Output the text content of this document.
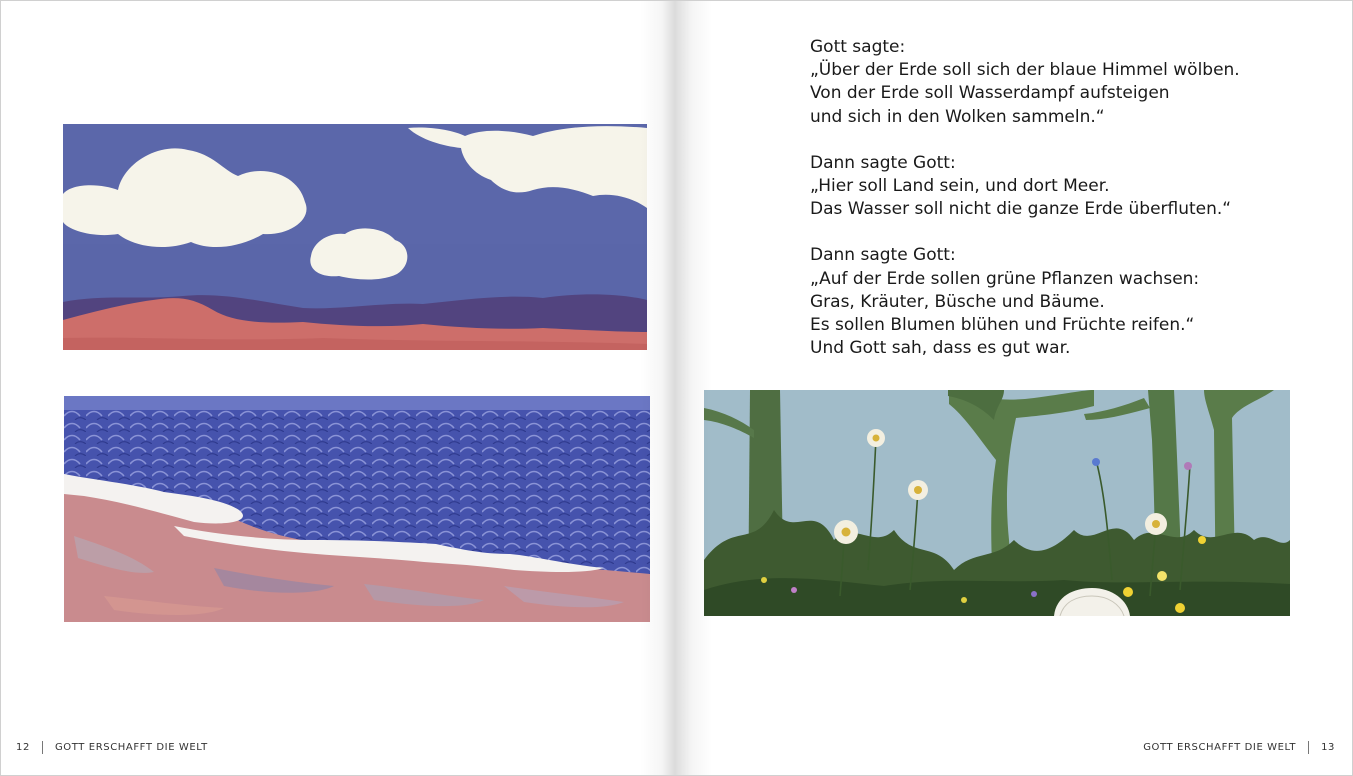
12	GOTT ERSCHAFFT DIE WELT	GOTT ERSCHAFFT DIE WELT	13

Gott sagte:
„Über der Erde soll sich der blaue Himmel wölben.
Von der Erde soll Wasserdampf aufsteigen
und sich in den Wolken sammeln.“

Dann sagte Gott:
„Hier soll Land sein, und dort Meer.
Das Wasser soll nicht die ganze Erde überfluten.“

Dann sagte Gott:
„Auf der Erde sollen grüne Pflanzen wachsen:
Gras, Kräuter, Büsche und Bäume.
Es sollen Blumen blühen und Früchte reifen.“
Und Gott sah, dass es gut war.
